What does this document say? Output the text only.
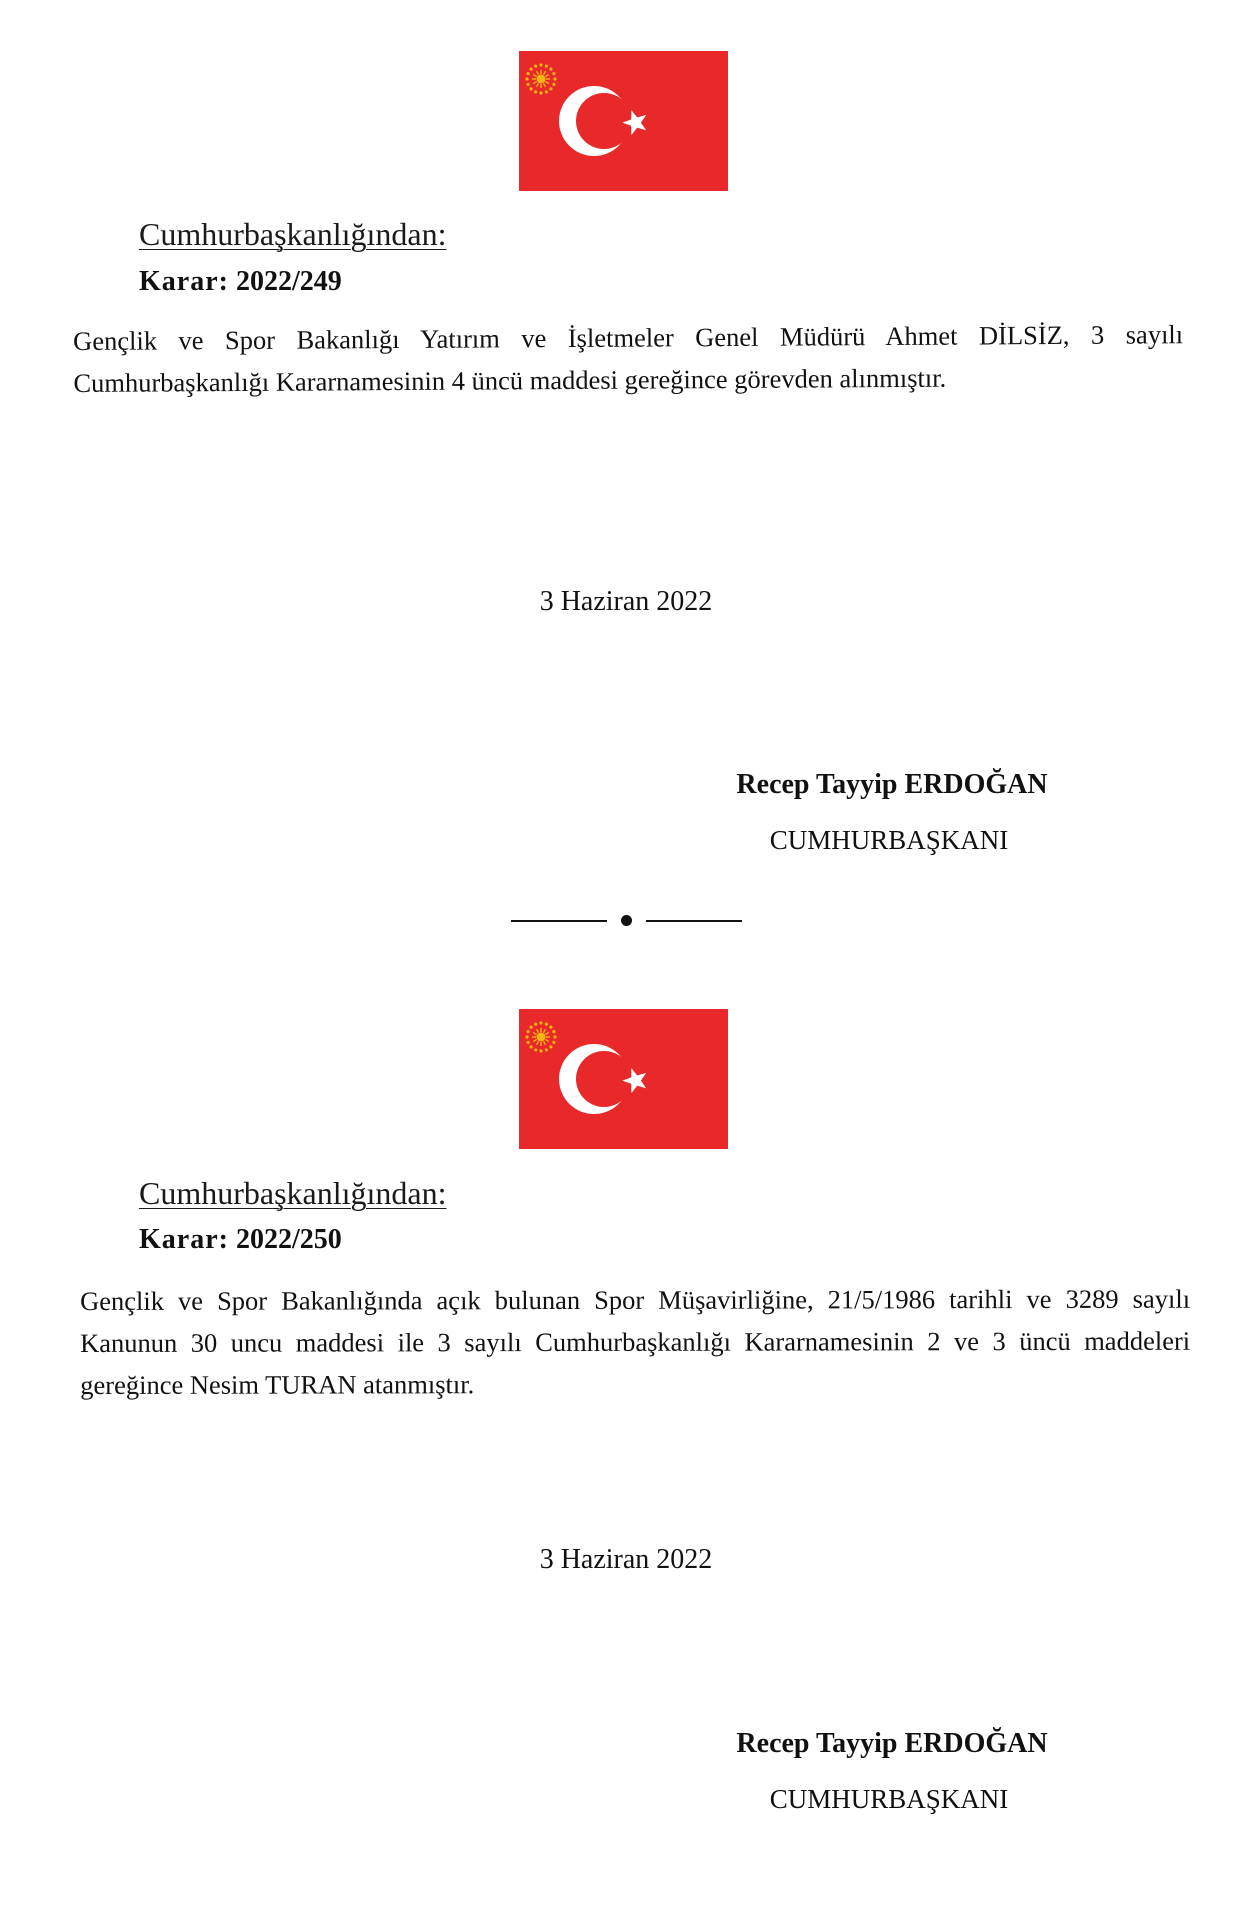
Cumhurbaşkanlığından:
Karar: 2022/249
Gençlik ve Spor Bakanlığı Yatırım ve İşletmeler Genel Müdürü Ahmet DİLSİZ, 3 sayılı Cumhurbaşkanlığı Kararnamesinin 4 üncü maddesi gereğince görevden alınmıştır.
3 Haziran 2022
Recep Tayyip ERDOĞAN
CUMHURBAŞKANI
Cumhurbaşkanlığından:
Karar: 2022/250
Gençlik ve Spor Bakanlığında açık bulunan Spor Müşavirliğine, 21/5/1986 tarihli ve 3289 sayılı Kanunun 30 uncu maddesi ile 3 sayılı Cumhurbaşkanlığı Kararnamesinin 2 ve 3 üncü maddeleri gereğince Nesim TURAN atanmıştır.
3 Haziran 2022
Recep Tayyip ERDOĞAN
CUMHURBAŞKANI
